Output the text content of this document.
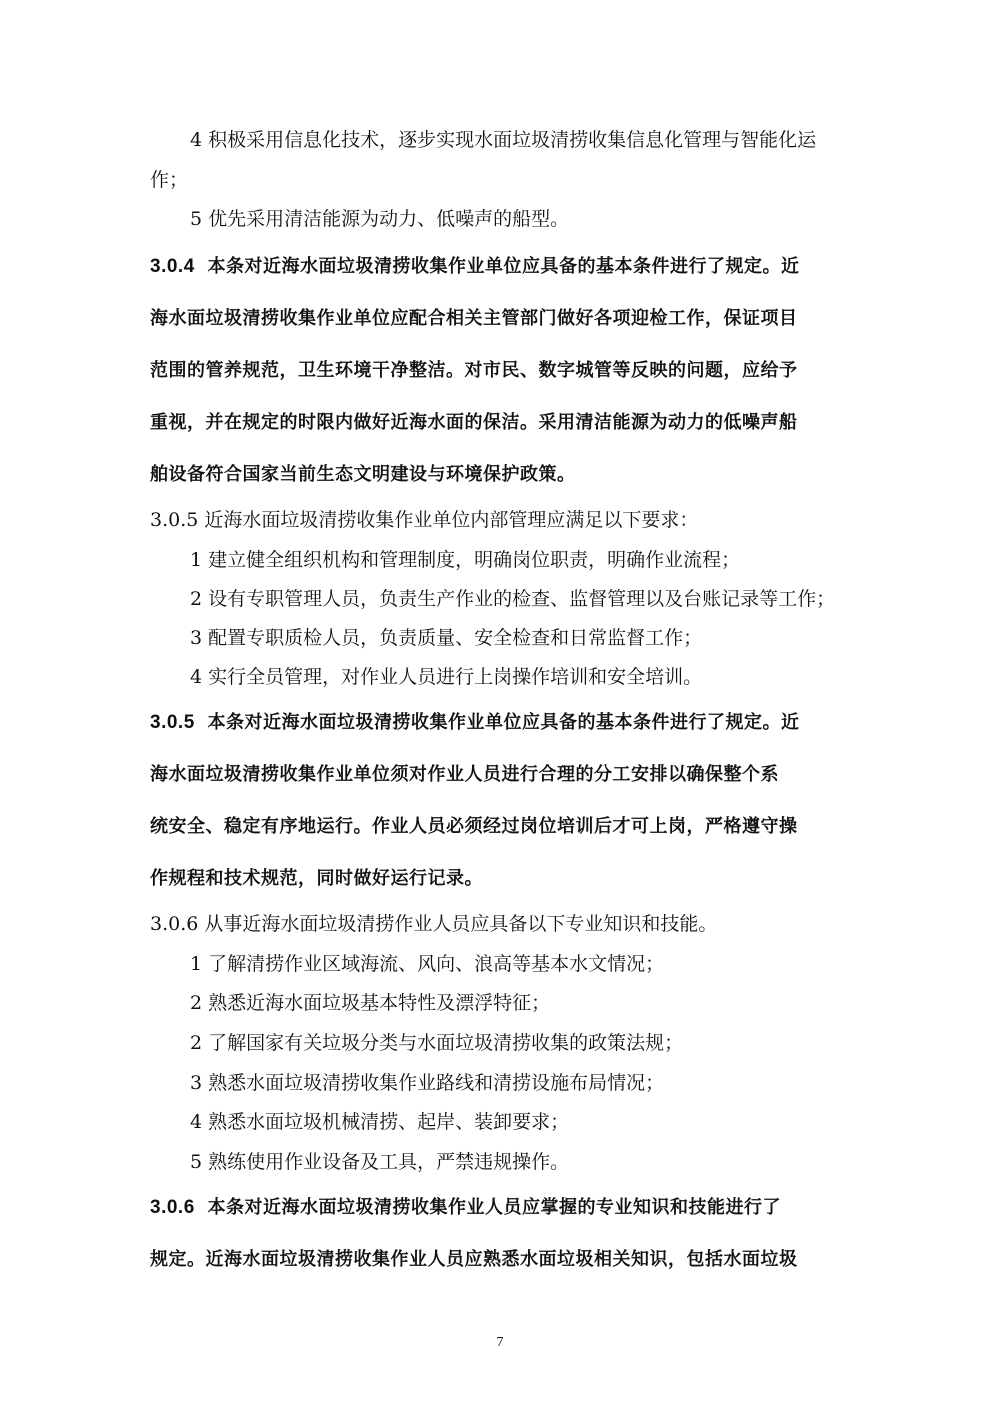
4 积极采用信息化技术，逐步实现水面垃圾清捞收集信息化管理与智能化运
作；
5 优先采用清洁能源为动力、低噪声的船型。
3.0.4 本条对近海水面垃圾清捞收集作业单位应具备的基本条件进行了规定。近
海水面垃圾清捞收集作业单位应配合相关主管部门做好各项迎检工作，保证项目
范围的管养规范，卫生环境干净整洁。对市民、数字城管等反映的问题，应给予
重视，并在规定的时限内做好近海水面的保洁。采用清洁能源为动力的低噪声船
舶设备符合国家当前生态文明建设与环境保护政策。
3.0.5 近海水面垃圾清捞收集作业单位内部管理应满足以下要求：
1 建立健全组织机构和管理制度，明确岗位职责，明确作业流程；
2 设有专职管理人员，负责生产作业的检查、监督管理以及台账记录等工作；
3 配置专职质检人员，负责质量、安全检查和日常监督工作；
4 实行全员管理，对作业人员进行上岗操作培训和安全培训。
3.0.5 本条对近海水面垃圾清捞收集作业单位应具备的基本条件进行了规定。近
海水面垃圾清捞收集作业单位须对作业人员进行合理的分工安排以确保整个系
统安全、稳定有序地运行。作业人员必须经过岗位培训后才可上岗，严格遵守操
作规程和技术规范，同时做好运行记录。
3.0.6 从事近海水面垃圾清捞作业人员应具备以下专业知识和技能。
1 了解清捞作业区域海流、风向、浪高等基本水文情况；
2 熟悉近海水面垃圾基本特性及漂浮特征；
2 了解国家有关垃圾分类与水面垃圾清捞收集的政策法规；
3 熟悉水面垃圾清捞收集作业路线和清捞设施布局情况；
4 熟悉水面垃圾机械清捞、起岸、装卸要求；
5 熟练使用作业设备及工具，严禁违规操作。
3.0.6 本条对近海水面垃圾清捞收集作业人员应掌握的专业知识和技能进行了
规定。近海水面垃圾清捞收集作业人员应熟悉水面垃圾相关知识，包括水面垃圾
7
